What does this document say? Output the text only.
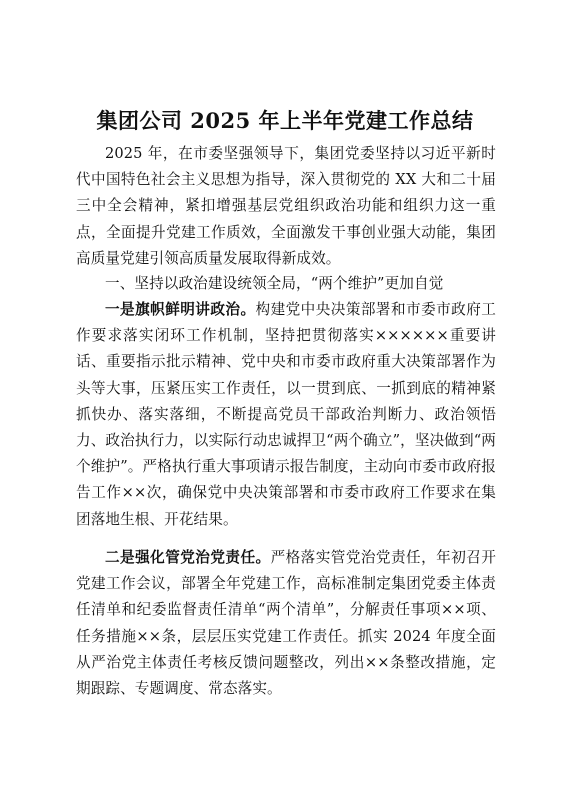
集团公司 2025 年上半年党建工作总结

2025 年，在市委坚强领导下，集团党委坚持以习近平新时代中国特色社会主义思想为指导，深入贯彻党的 XX 大和二十届三中全会精神，紧扣增强基层党组织政治功能和组织力这一重点，全面提升党建工作质效，全面激发干事创业强大动能，集团高质量党建引领高质量发展取得新成效。

一、坚持以政治建设统领全局，“两个维护”更加自觉

一是旗帜鲜明讲政治。构建党中央决策部署和市委市政府工作要求落实闭环工作机制，坚持把贯彻落实××××××重要讲话、重要指示批示精神、党中央和市委市政府重大决策部署作为头等大事，压紧压实工作责任，以一贯到底、一抓到底的精神紧抓快办、落实落细，不断提高党员干部政治判断力、政治领悟力、政治执行力，以实际行动忠诚捍卫“两个确立”，坚决做到“两个维护”。严格执行重大事项请示报告制度，主动向市委市政府报告工作××次，确保党中央决策部署和市委市政府工作要求在集团落地生根、开花结果。

二是强化管党治党责任。严格落实管党治党责任，年初召开党建工作会议，部署全年党建工作，高标准制定集团党委主体责任清单和纪委监督责任清单“两个清单”，分解责任事项××项、任务措施××条，层层压实党建工作责任。抓实 2024 年度全面从严治党主体责任考核反馈问题整改，列出××条整改措施，定期跟踪、专题调度、常态落实。
